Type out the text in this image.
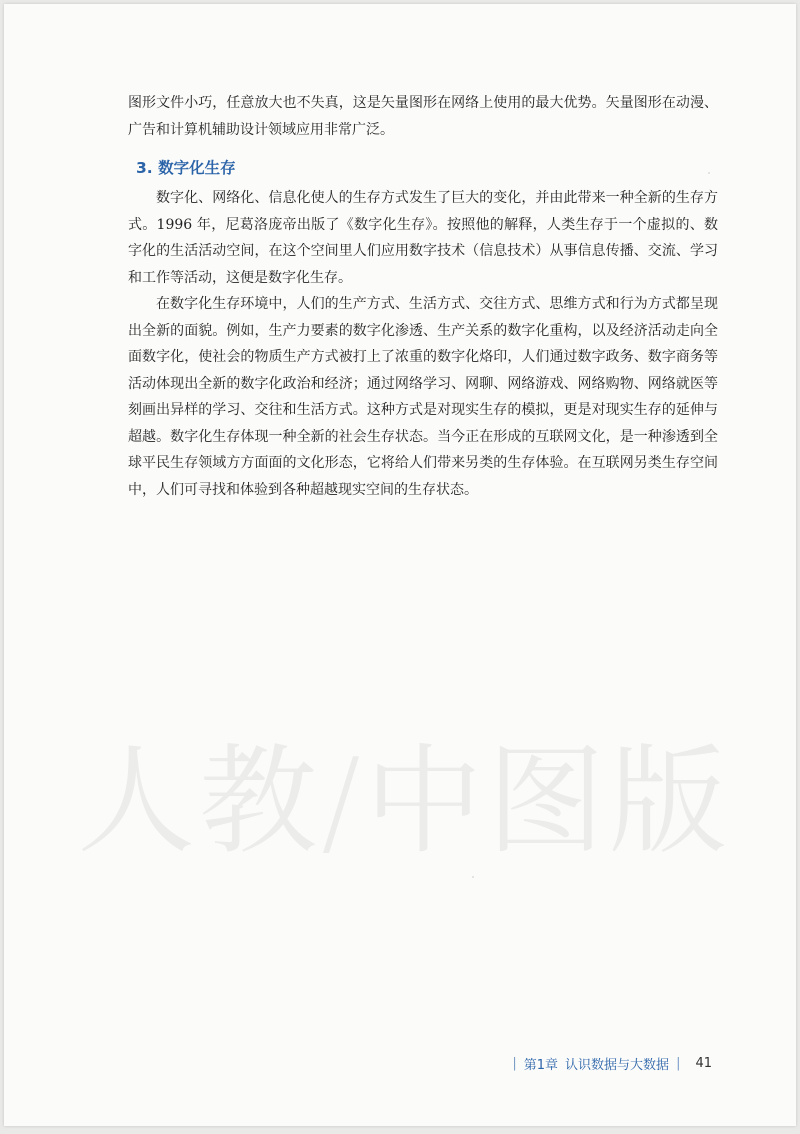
人教/中图版

图形文件小巧，任意放大也不失真，这是矢量图形在网络上使用的最大优势。矢量图形在动漫、广告和计算机辅助设计领域应用非常广泛。

3. 数字化生存

数字化、网络化、信息化使人的生存方式发生了巨大的变化，并由此带来一种全新的生存方式。1996 年，尼葛洛庞帝出版了《数字化生存》。按照他的解释，人类生存于一个虚拟的、数字化的生活活动空间，在这个空间里人们应用数字技术（信息技术）从事信息传播、交流、学习和工作等活动，这便是数字化生存。

在数字化生存环境中，人们的生产方式、生活方式、交往方式、思维方式和行为方式都呈现出全新的面貌。例如，生产力要素的数字化渗透、生产关系的数字化重构，以及经济活动走向全面数字化，使社会的物质生产方式被打上了浓重的数字化烙印，人们通过数字政务、数字商务等活动体现出全新的数字化政治和经济；通过网络学习、网聊、网络游戏、网络购物、网络就医等刻画出异样的学习、交往和生活方式。这种方式是对现实生存的模拟，更是对现实生存的延伸与超越。数字化生存体现一种全新的社会生存状态。当今正在形成的互联网文化，是一种渗透到全球平民生存领域方方面面的文化形态，它将给人们带来另类的生存体验。在互联网另类生存空间中，人们可寻找和体验到各种超越现实空间的生存状态。

| 第1章 认识数据与大数据 | 41
